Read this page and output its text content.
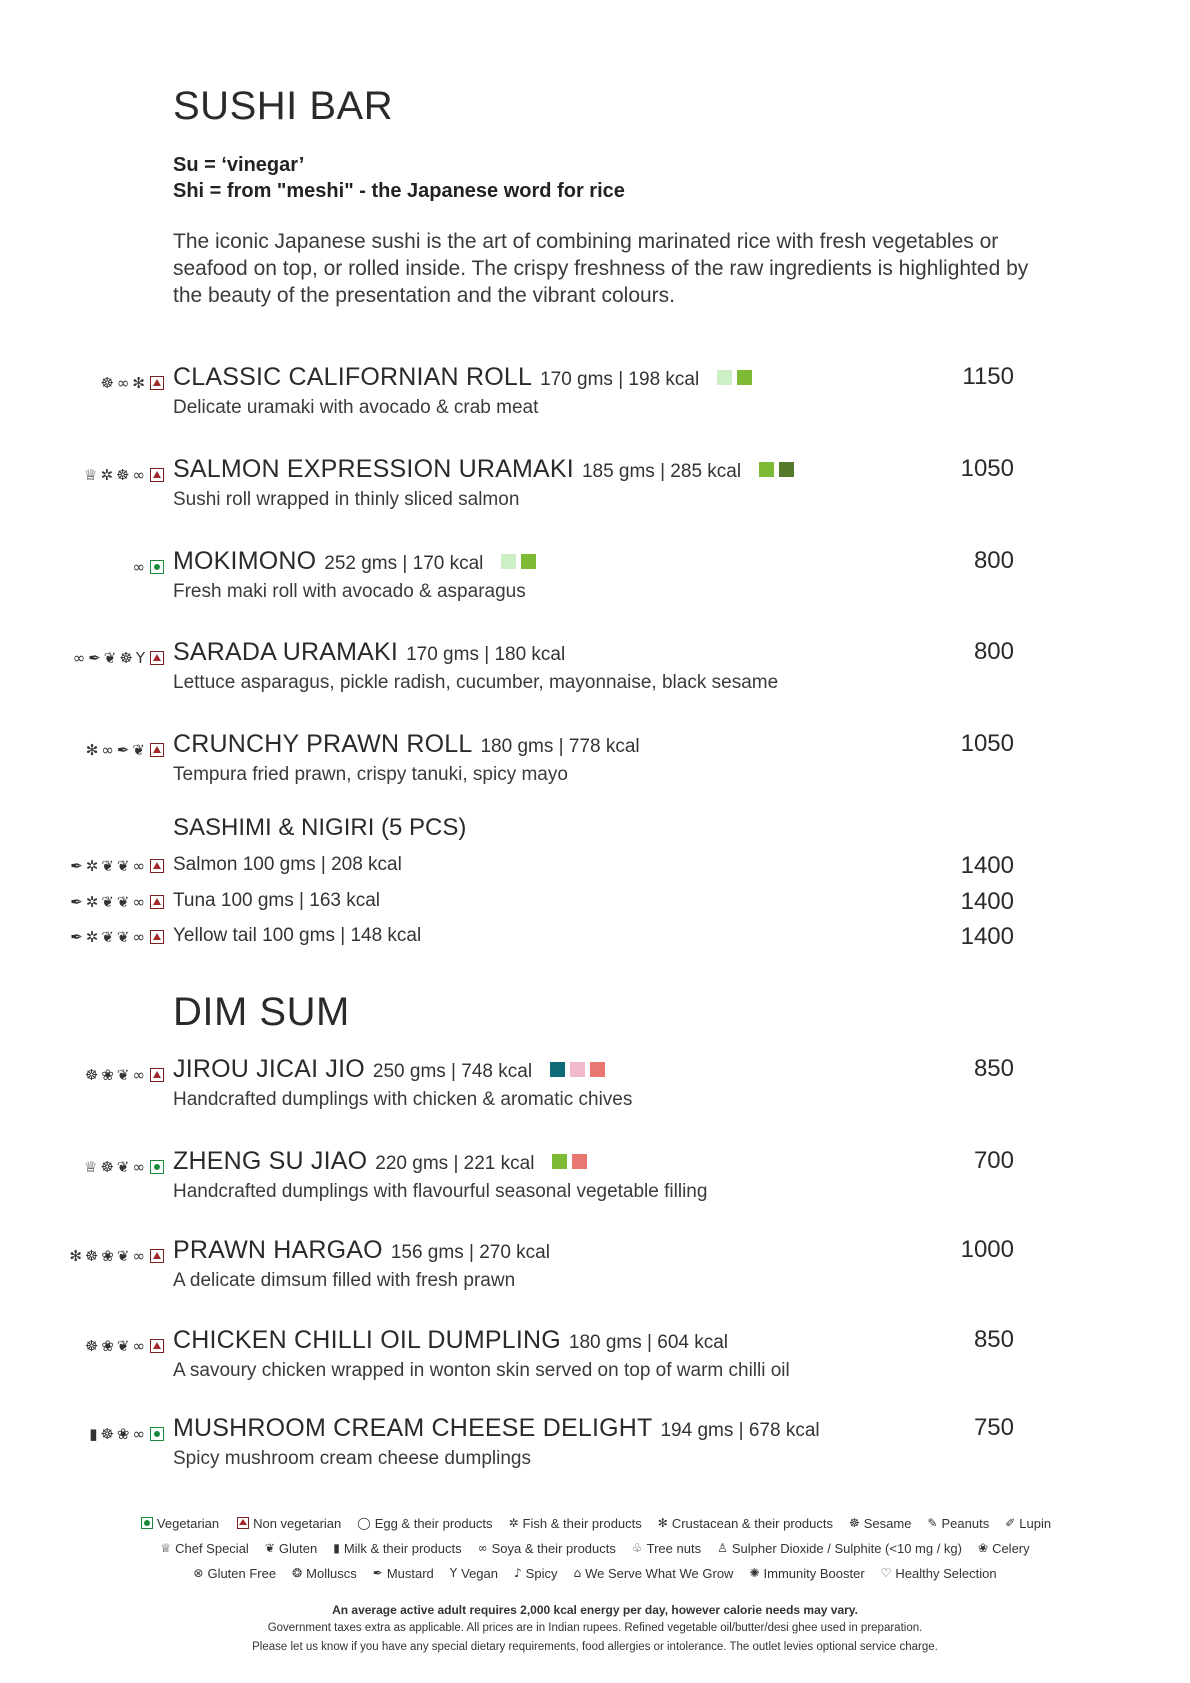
SUSHI BAR
Su = ‘vinegar’
Shi = from "meshi" - the Japanese word for rice
The iconic Japanese sushi is the art of combining marinated rice with fresh vegetables or seafood on top, or rolled inside. The crispy freshness of the raw ingredients is highlighted by the beauty of the presentation and the vibrant colours.
☸ ∞ ✻ CLASSIC CALIFORNIAN ROLL 170 gms | 198 kcal
Delicate uramaki with avocado & crab meat
1150
♕ ✲ ☸ ∞ SALMON EXPRESSION URAMAKI 185 gms | 285 kcal
Sushi roll wrapped in thinly sliced salmon
1050
∞ MOKIMONO 252 gms | 170 kcal
Fresh maki roll with avocado & asparagus
800
∞ ✒ ❦ ☸ Y SARADA URAMAKI 170 gms | 180 kcal
Lettuce asparagus, pickle radish, cucumber, mayonnaise, black sesame
800
✻ ∞ ✒ ❦ CRUNCHY PRAWN ROLL 180 gms | 778 kcal
Tempura fried prawn, crispy tanuki, spicy mayo
1050
SASHIMI & NIGIRI (5 PCS)
✒ ✲ ❦ ❦ ∞ Salmon 100 gms | 208 kcal	1400
✒ ✲ ❦ ❦ ∞ Tuna 100 gms | 163 kcal	1400
✒ ✲ ❦ ❦ ∞ Yellow tail 100 gms | 148 kcal	1400
DIM SUM
☸ ❀ ❦ ∞ JIROU JICAI JIO 250 gms | 748 kcal
Handcrafted dumplings with chicken & aromatic chives
850
♕ ☸ ❦ ∞ ZHENG SU JIAO 220 gms | 221 kcal
Handcrafted dumplings with flavourful seasonal vegetable filling
700
✻ ☸ ❀ ❦ ∞ PRAWN HARGAO 156 gms | 270 kcal
A delicate dimsum filled with fresh prawn
1000
☸ ❀ ❦ ∞ CHICKEN CHILLI OIL DUMPLING 180 gms | 604 kcal
A savoury chicken wrapped in wonton skin served on top of warm chilli oil
850
▮ ☸ ❀ ∞ MUSHROOM CREAM CHEESE DELIGHT 194 gms | 678 kcal
Spicy mushroom cream cheese dumplings
750
Vegetarian	Non vegetarian ◯ Egg & their products ✲ Fish & their products ✻ Crustacean & their products ☸ Sesame ✎ Peanuts ✐ Lupin
♕ Chef Special ❦ Gluten ▮ Milk & their products ∞ Soya & their products ♧ Tree nuts ♙ Sulpher Dioxide / Sulphite (<10 mg / kg) ❀ Celery
⊗ Gluten Free ❂ Molluscs ✒ Mustard Y Vegan ♪ Spicy ⌂ We Serve What We Grow ✺ Immunity Booster ♡ Healthy Selection
An average active adult requires 2,000 kcal energy per day, however calorie needs may vary.
Government taxes extra as applicable. All prices are in Indian rupees. Refined vegetable oil/butter/desi ghee used in preparation.
Please let us know if you have any special dietary requirements, food allergies or intolerance. The outlet levies optional service charge.
